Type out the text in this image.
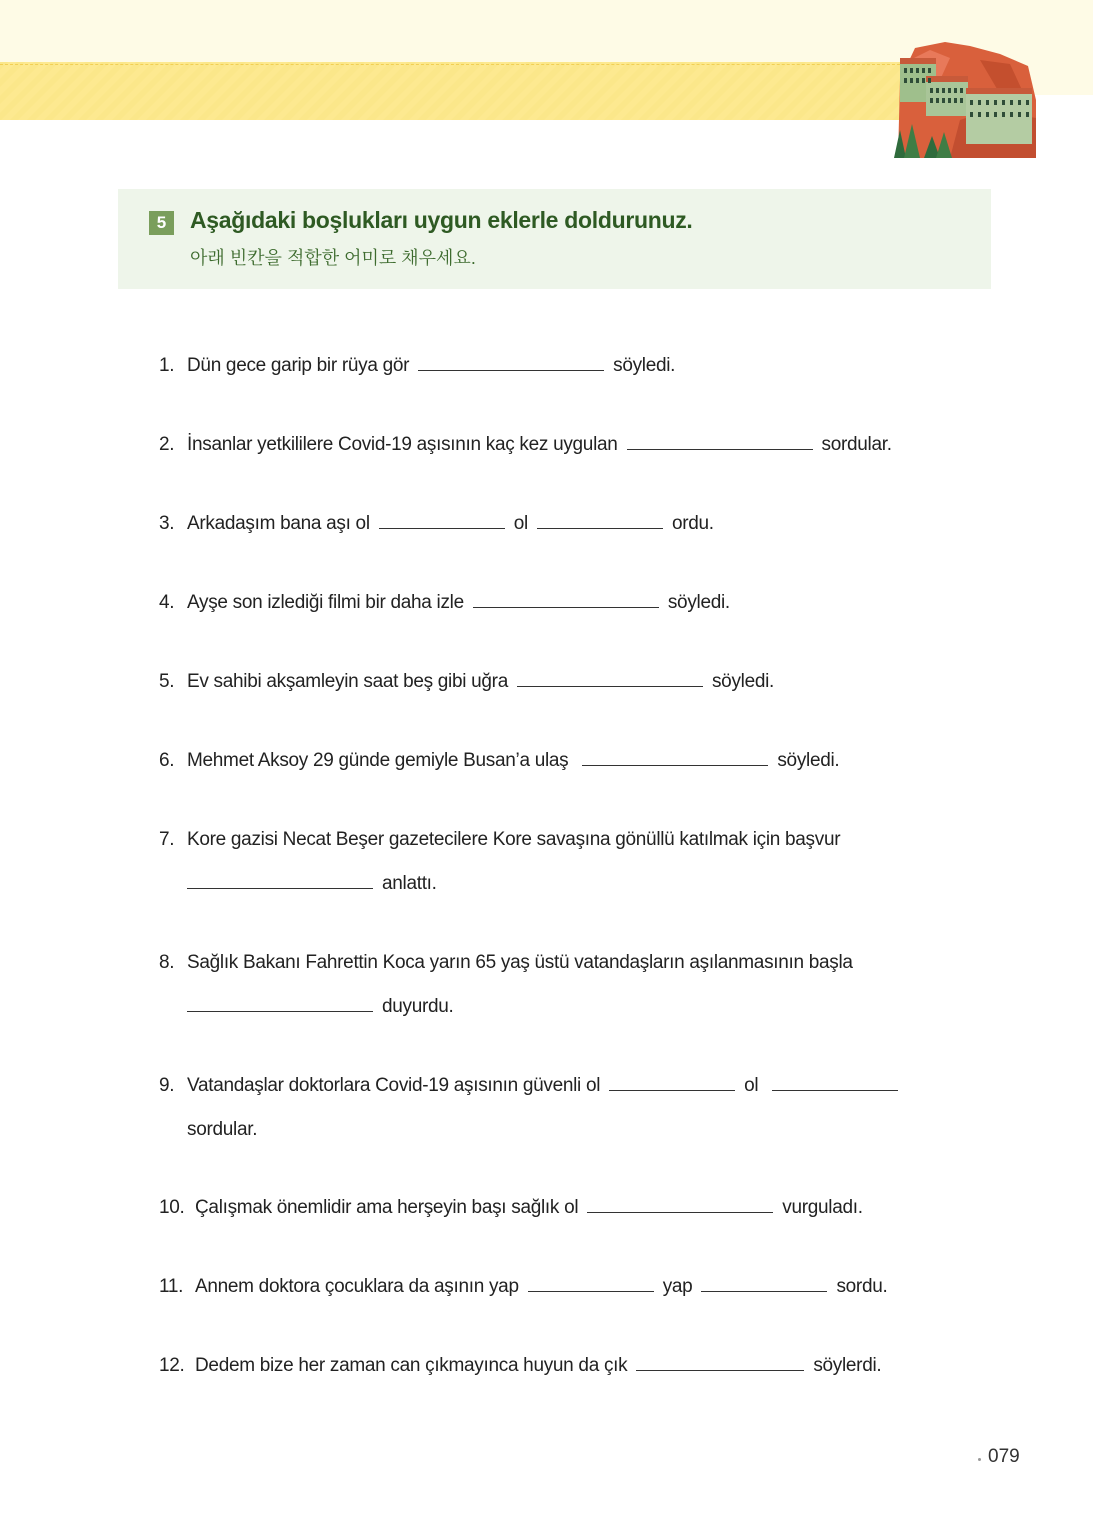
5	Aşağıdaki boşlukları uygun eklerle doldurunuz.
아래 빈칸을 적합한 어미로 채우세요.
1. Dün gece garip bir rüya gör	söyledi.
2. İnsanlar yetkililere Covid-19 aşısının kaç kez uygulan	sordular.
3. Arkadaşım bana aşı ol	ol	ordu.
4. Ayşe son izlediği filmi bir daha izle	söyledi.
5. Ev sahibi akşamleyin saat beş gibi uğra	söyledi.
6. Mehmet Aksoy 29 günde gemiyle Busan’a ulaş	söyledi.
7. Kore gazisi Necat Beşer gazetecilere Kore savaşına gönüllü katılmak için başvur
anlattı.
8. Sağlık Bakanı Fahrettin Koca yarın 65 yaş üstü vatandaşların aşılanmasının başla
duyurdu.
9. Vatandaşlar doktorlara Covid-19 aşısının güvenli ol	ol
sordular.
10. Çalışmak önemlidir ama herşeyin başı sağlık ol	vurguladı.
11. Annem doktora çocuklara da aşının yap	yap	sordu.
12. Dedem bize her zaman can çıkmayınca huyun da çık	söylerdi.
079
